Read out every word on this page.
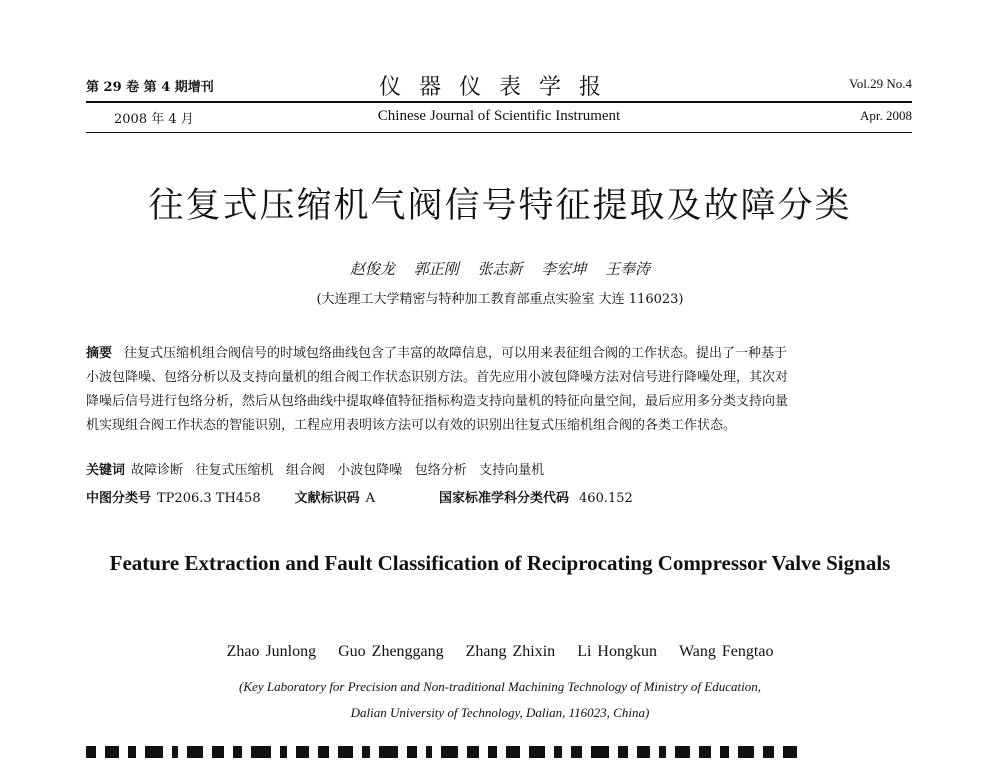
第 29 卷 第 4 期增刊	仪器仪表学报	Vol.29 No.4
2008 年 4 月	Chinese Journal of Scientific Instrument	Apr. 2008
往复式压缩机气阀信号特征提取及故障分类
赵俊龙 郭正刚 张志新 李宏坤 王奉涛
(大连理工大学精密与特种加工教育部重点实验室 大连 116023)
摘要 往复式压缩机组合阀信号的时域包络曲线包含了丰富的故障信息，可以用来表征组合阀的工作状态。提出了一种基于
小波包降噪、包络分析以及支持向量机的组合阀工作状态识别方法。首先应用小波包降噪方法对信号进行降噪处理，其次对
降噪后信号进行包络分析，然后从包络曲线中提取峰值特征指标构造支持向量机的特征向量空间，最后应用多分类支持向量
机实现组合阀工作状态的智能识别，工程应用表明该方法可以有效的识别出往复式压缩机组合阀的各类工作状态。
关键词 故障诊断 往复式压缩机 组合阀 小波包降噪 包络分析 支持向量机
中图分类号 TP206.3 TH458	文献标识码 A	国家标准学科分类代码 460.152
Feature Extraction and Fault Classification of Reciprocating Compressor Valve Signals
Zhao Junlong Guo Zhenggang Zhang Zhixin Li Hongkun Wang Fengtao
(Key Laboratory for Precision and Non-traditional Machining Technology of Ministry of Education,
Dalian University of Technology, Dalian, 116023, China)
